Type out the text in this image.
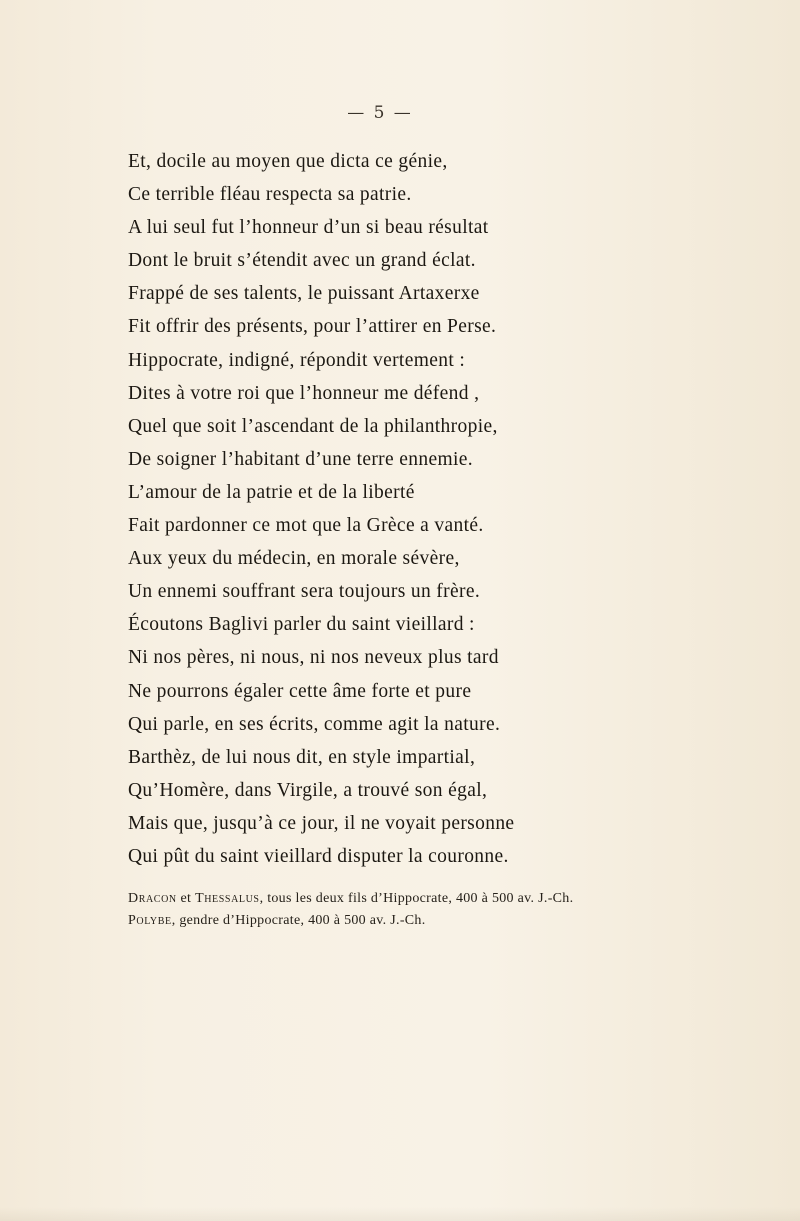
— 5 —
Et, docile au moyen que dicta ce génie,
Ce terrible fléau respecta sa patrie.
A lui seul fut l’honneur d’un si beau résultat
Dont le bruit s’étendit avec un grand éclat.
Frappé de ses talents, le puissant Artaxerxe
Fit offrir des présents, pour l’attirer en Perse.
Hippocrate, indigné, répondit vertement :
Dites à votre roi que l’honneur me défend ,
Quel que soit l’ascendant de la philanthropie,
De soigner l’habitant d’une terre ennemie.
L’amour de la patrie et de la liberté
Fait pardonner ce mot que la Grèce a vanté.
Aux yeux du médecin, en morale sévère,
Un ennemi souffrant sera toujours un frère.
Écoutons Baglivi parler du saint vieillard :
Ni nos pères, ni nous, ni nos neveux plus tard
Ne pourrons égaler cette âme forte et pure
Qui parle, en ses écrits, comme agit la nature.
Barthèz, de lui nous dit, en style impartial,
Qu’Homère, dans Virgile, a trouvé son égal,
Mais que, jusqu’à ce jour, il ne voyait personne
Qui pût du saint vieillard disputer la couronne.
Dracon et Thessalus, tous les deux fils d’Hippocrate, 400 à 500 av. J.-Ch.
Polybe, gendre d’Hippocrate, 400 à 500 av. J.-Ch.
